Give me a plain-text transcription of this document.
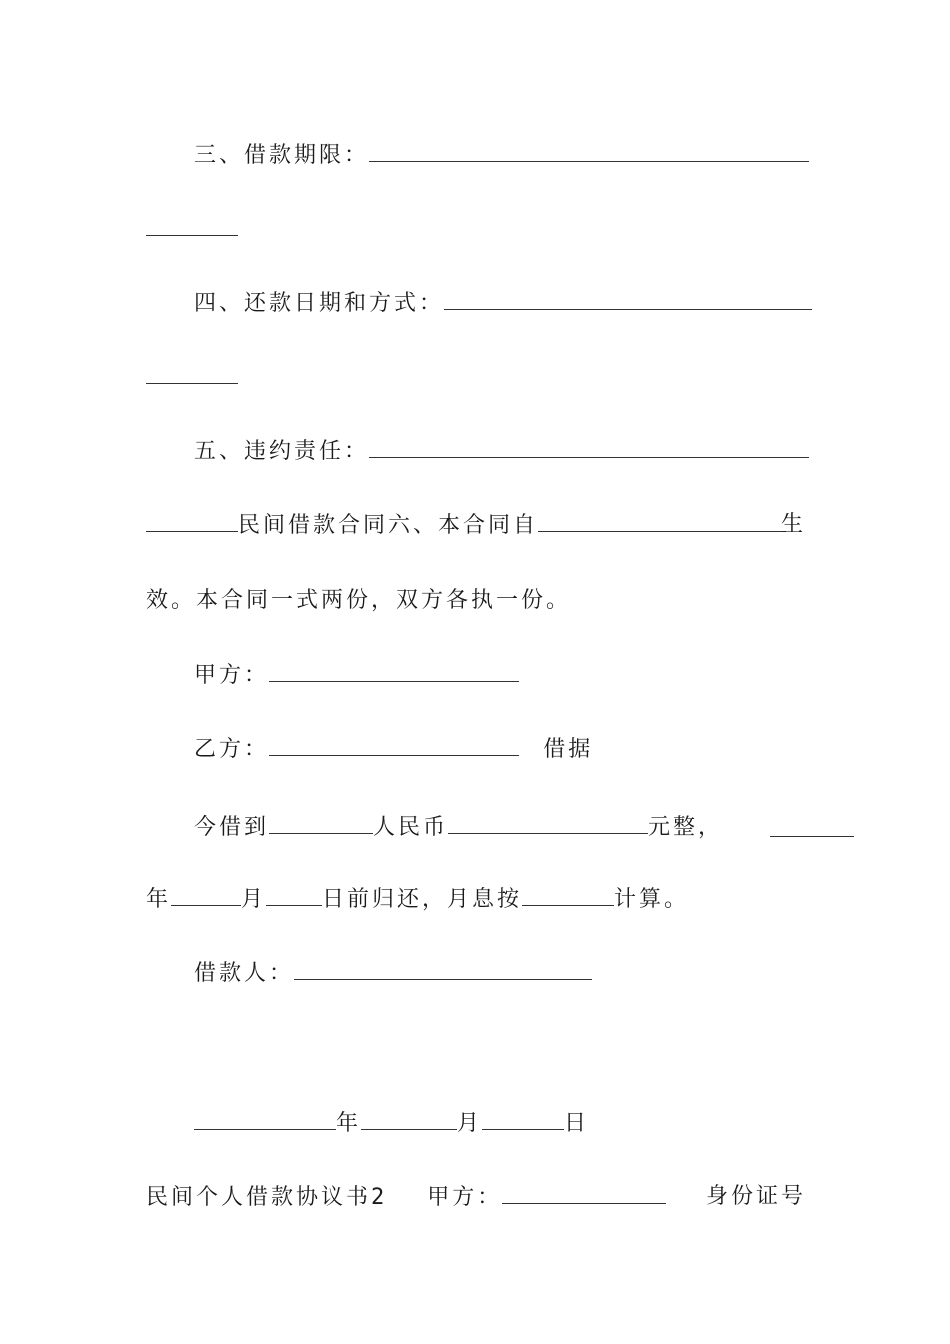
三、借款期限：
四、还款日期和方式：
五、违约责任：
民间借款合同六、本合同自	生
效。本合同一式两份，双方各执一份。
甲方：
乙方：	借据
今借到	人民币	元整，
年	月	日前归还，月息按	计算。
借款人：
年	月	日
民间个人借款协议书2 甲方：	身份证号
